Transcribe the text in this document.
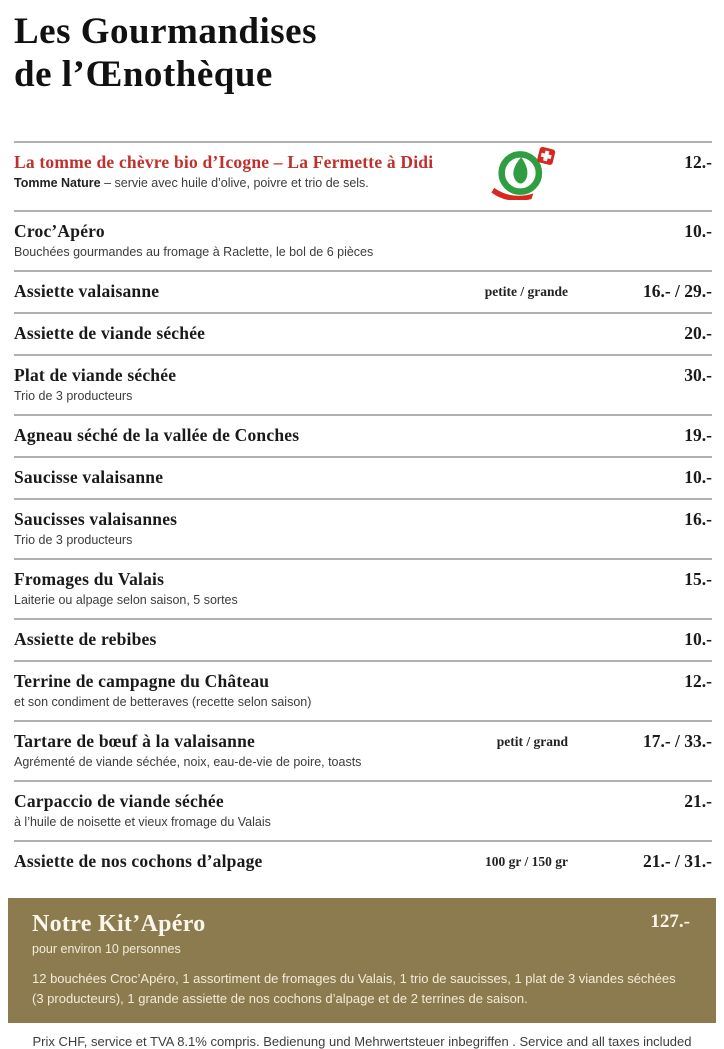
Les Gourmandises
de l’Œnothèque
La tomme de chèvre bio d’Icogne – La Fermette à Didi
Tomme Nature – servie avec huile d’olive, poivre et trio de sels.
12.-
Croc’Apéro
Bouchées gourmandes au fromage à Raclette, le bol de 6 pièces
10.-
Assiette valaisanne	petite / grande	16.- / 29.-
Assiette de viande séchée	20.-
Plat de viande séchée
Trio de 3 producteurs
30.-
Agneau séché de la vallée de Conches	19.-
Saucisse valaisanne	10.-
Saucisses valaisannes
Trio de 3 producteurs
16.-
Fromages du Valais
Laiterie ou alpage selon saison, 5 sortes
15.-
Assiette de rebibes	10.-
Terrine de campagne du Château
et son condiment de betteraves (recette selon saison)
12.-
Tartare de bœuf à la valaisanne
Agrémenté de viande séchée, noix, eau-de-vie de poire, toasts
petit / grand	17.- / 33.-
Carpaccio de viande séchée
à l’huile de noisette et vieux fromage du Valais
21.-
Assiette de nos cochons d’alpage	100 gr / 150 gr	21.- / 31.-
Notre Kit’Apéro	127.-
pour environ 10 personnes
12 bouchées Croc’Apéro, 1 assortiment de fromages du Valais, 1 trio de saucisses, 1 plat de 3 viandes séchées (3 producteurs), 1 grande assiette de nos cochons d’alpage et de 2 terrines de saison.
Prix CHF, service et TVA 8.1% compris. Bedienung und Mehrwertsteuer inbegriffen . Service and all taxes included
